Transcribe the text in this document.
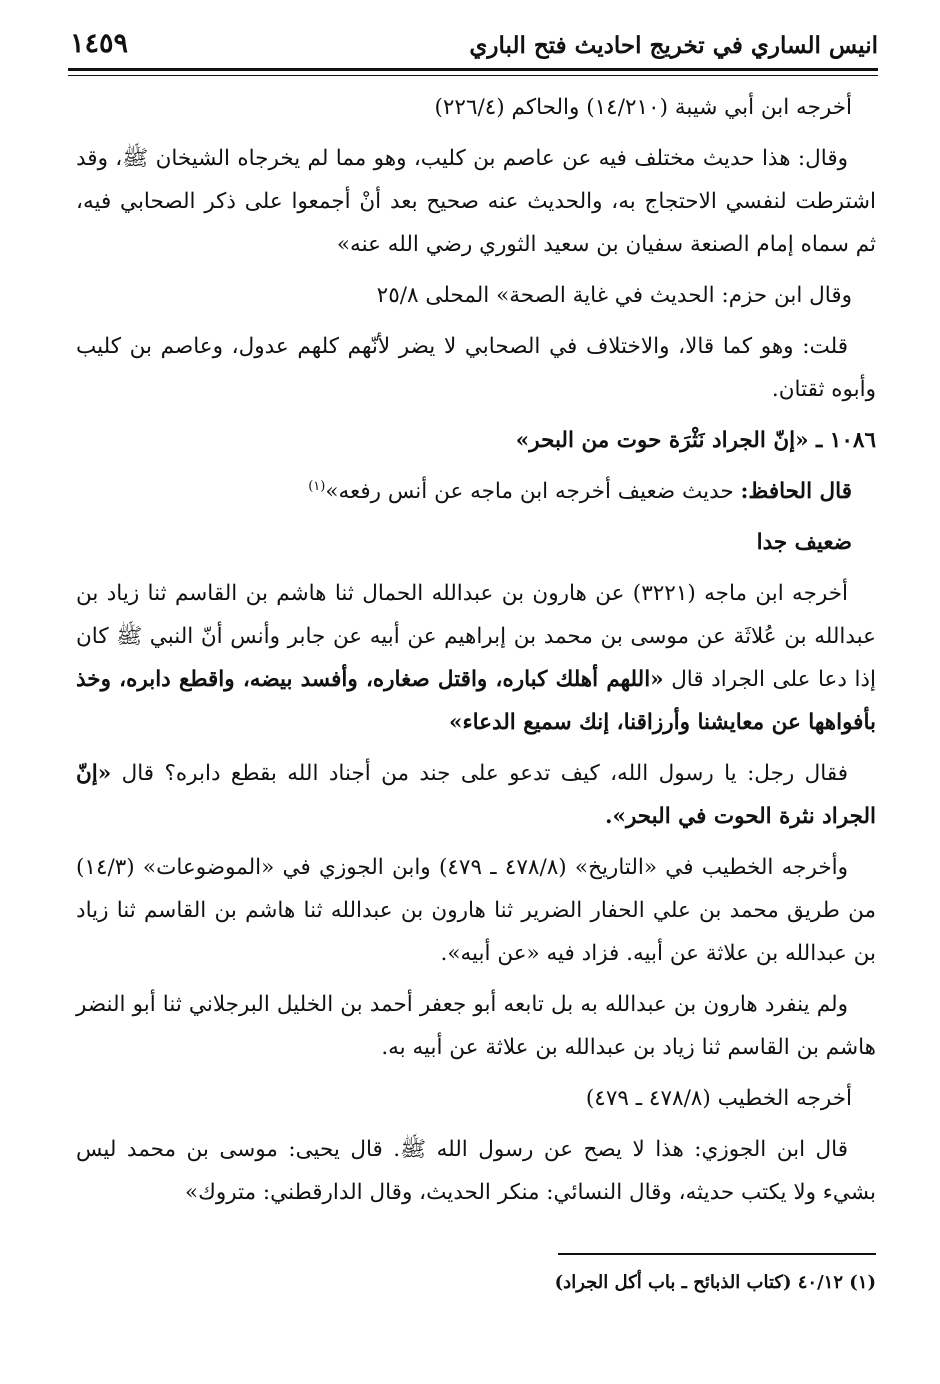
انيس الساري في تخريج احاديث فتح الباري
١٤٥٩

أخرجه ابن أبي شيبة (١٤/٢١٠) والحاكم (٢٢٦/٤)

وقال: هذا حديث مختلف فيه عن عاصم بن كليب، وهو مما لم يخرجاه الشيخان ﷺ، وقد اشترطت لنفسي الاحتجاج به، والحديث عنه صحيح بعد أنْ أجمعوا على ذكر الصحابي فيه، ثم سماه إمام الصنعة سفيان بن سعيد الثوري رضي الله عنه»

وقال ابن حزم: الحديث في غاية الصحة» المحلى ٢٥/٨

قلت: وهو كما قالا، والاختلاف في الصحابي لا يضر لأنّهم كلهم عدول، وعاصم بن كليب وأبوه ثقتان.

١٠٨٦ ـ «إنّ الجراد نَثْرَة حوت من البحر»

قال الحافظ: حديث ضعيف أخرجه ابن ماجه عن أنس رفعه»$^{(١)}$

ضعيف جدا

أخرجه ابن ماجه (٣٢٢١) عن هارون بن عبدالله الحمال ثنا هاشم بن القاسم ثنا زياد بن عبدالله بن عُلاثَة عن موسى بن محمد بن إبراهيم عن أبيه عن جابر وأنس أنّ النبي ﷺ كان إذا دعا على الجراد قال «اللهم أهلك كباره، واقتل صغاره، وأفسد بيضه، واقطع دابره، وخذ بأفواهها عن معايشنا وأرزاقنا، إنك سميع الدعاء»

فقال رجل: يا رسول الله، كيف تدعو على جند من أجناد الله بقطع دابره؟ قال «إنّ الجراد نثرة الحوت في البحر».

وأخرجه الخطيب في «التاريخ» (٤٧٨/٨ ـ ٤٧٩) وابن الجوزي في «الموضوعات» (١٤/٣) من طريق محمد بن علي الحفار الضرير ثنا هارون بن عبدالله ثنا هاشم بن القاسم ثنا زياد بن عبدالله بن علاثة عن أبيه. فزاد فيه «عن أبيه».

ولم ينفرد هارون بن عبدالله به بل تابعه أبو جعفر أحمد بن الخليل البرجلاني ثنا أبو النضر هاشم بن القاسم ثنا زياد بن عبدالله بن علاثة عن أبيه به.

أخرجه الخطيب (٤٧٨/٨ ـ ٤٧٩)

قال ابن الجوزي: هذا لا يصح عن رسول الله ﷺ. قال يحيى: موسى بن محمد ليس بشيء ولا يكتب حديثه، وقال النسائي: منكر الحديث، وقال الدارقطني: متروك»

(١) ٤٠/١٢ (كتاب الذبائح ـ باب أكل الجراد)
